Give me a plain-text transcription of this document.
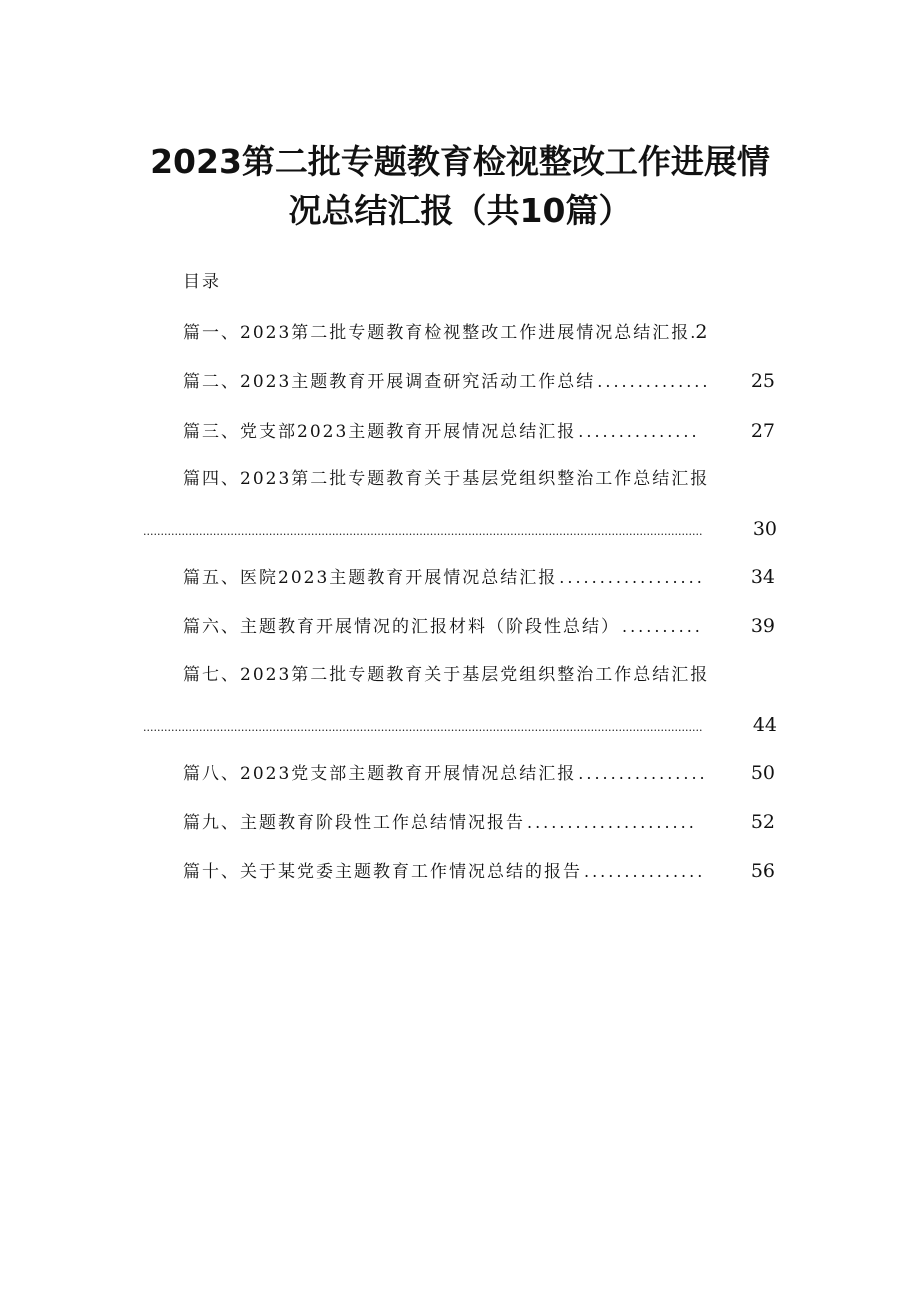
2023第二批专题教育检视整改工作进展情
况总结汇报（共10篇）
目录
篇一、2023第二批专题教育检视整改工作进展情况总结汇报 . 2
篇二、2023主题教育开展调查研究活动工作总结 ..............	25
篇三、党支部2023主题教育开展情况总结汇报 ...............	27
篇四、2023第二批专题教育关于基层党组织整治工作总结汇报
................................................................................................................................................................	30
篇五、医院2023主题教育开展情况总结汇报 ..................	34
篇六、主题教育开展情况的汇报材料（阶段性总结） ..........	39
篇七、2023第二批专题教育关于基层党组织整治工作总结汇报
................................................................................................................................................................	44
篇八、2023党支部主题教育开展情况总结汇报 ................	50
篇九、主题教育阶段性工作总结情况报告 .....................	52
篇十、关于某党委主题教育工作情况总结的报告 ...............	56
